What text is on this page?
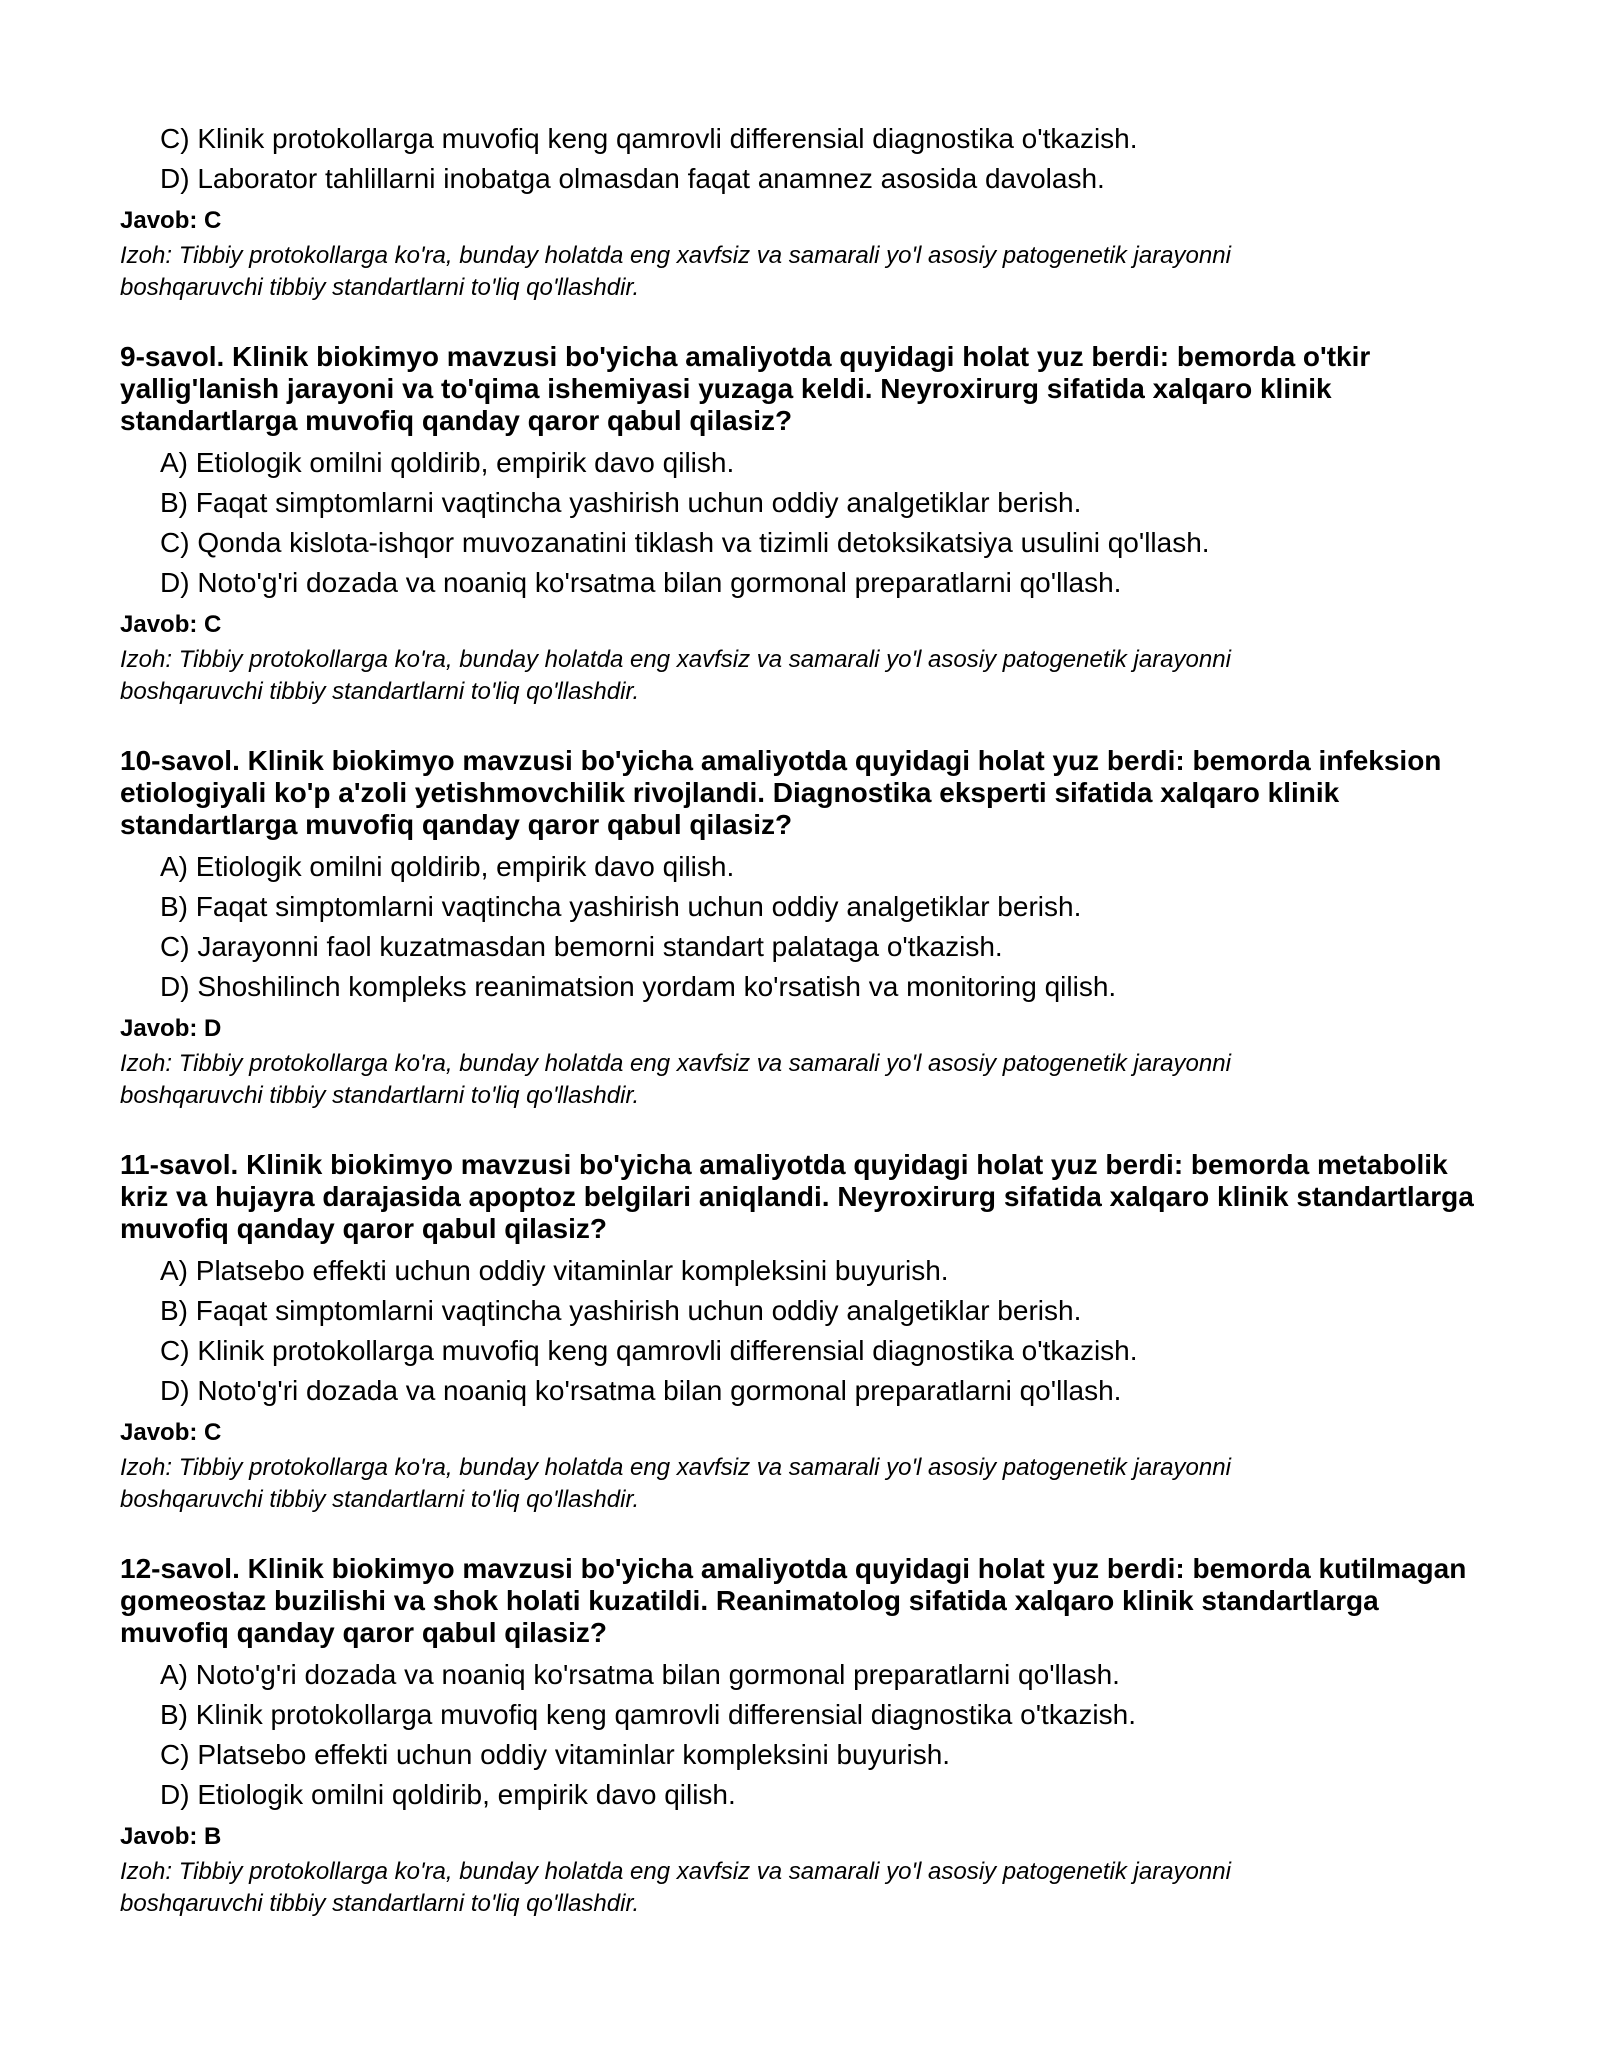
C) Klinik protokollarga muvofiq keng qamrovli differensial diagnostika o'tkazish.
D) Laborator tahlillarni inobatga olmasdan faqat anamnez asosida davolash.
Javob: C
Izoh: Tibbiy protokollarga ko'ra, bunday holatda eng xavfsiz va samarali yo'l asosiy patogenetik jarayonni boshqaruvchi tibbiy standartlarni to'liq qo'llashdir.
9-savol. Klinik biokimyo mavzusi bo'yicha amaliyotda quyidagi holat yuz berdi: bemorda o'tkir yallig'lanish jarayoni va to'qima ishemiyasi yuzaga keldi. Neyroxirurg sifatida xalqaro klinik standartlarga muvofiq qanday qaror qabul qilasiz?
A) Etiologik omilni qoldirib, empirik davo qilish.
B) Faqat simptomlarni vaqtincha yashirish uchun oddiy analgetiklar berish.
C) Qonda kislota-ishqor muvozanatini tiklash va tizimli detoksikatsiya usulini qo'llash.
D) Noto'g'ri dozada va noaniq ko'rsatma bilan gormonal preparatlarni qo'llash.
Javob: C
Izoh: Tibbiy protokollarga ko'ra, bunday holatda eng xavfsiz va samarali yo'l asosiy patogenetik jarayonni boshqaruvchi tibbiy standartlarni to'liq qo'llashdir.
10-savol. Klinik biokimyo mavzusi bo'yicha amaliyotda quyidagi holat yuz berdi: bemorda infeksion etiologiyali ko'p a'zoli yetishmovchilik rivojlandi. Diagnostika eksperti sifatida xalqaro klinik standartlarga muvofiq qanday qaror qabul qilasiz?
A) Etiologik omilni qoldirib, empirik davo qilish.
B) Faqat simptomlarni vaqtincha yashirish uchun oddiy analgetiklar berish.
C) Jarayonni faol kuzatmasdan bemorni standart palataga o'tkazish.
D) Shoshilinch kompleks reanimatsion yordam ko'rsatish va monitoring qilish.
Javob: D
Izoh: Tibbiy protokollarga ko'ra, bunday holatda eng xavfsiz va samarali yo'l asosiy patogenetik jarayonni boshqaruvchi tibbiy standartlarni to'liq qo'llashdir.
11-savol. Klinik biokimyo mavzusi bo'yicha amaliyotda quyidagi holat yuz berdi: bemorda metabolik kriz va hujayra darajasida apoptoz belgilari aniqlandi. Neyroxirurg sifatida xalqaro klinik standartlarga muvofiq qanday qaror qabul qilasiz?
A) Platsebo effekti uchun oddiy vitaminlar kompleksini buyurish.
B) Faqat simptomlarni vaqtincha yashirish uchun oddiy analgetiklar berish.
C) Klinik protokollarga muvofiq keng qamrovli differensial diagnostika o'tkazish.
D) Noto'g'ri dozada va noaniq ko'rsatma bilan gormonal preparatlarni qo'llash.
Javob: C
Izoh: Tibbiy protokollarga ko'ra, bunday holatda eng xavfsiz va samarali yo'l asosiy patogenetik jarayonni boshqaruvchi tibbiy standartlarni to'liq qo'llashdir.
12-savol. Klinik biokimyo mavzusi bo'yicha amaliyotda quyidagi holat yuz berdi: bemorda kutilmagan gomeostaz buzilishi va shok holati kuzatildi. Reanimatolog sifatida xalqaro klinik standartlarga muvofiq qanday qaror qabul qilasiz?
A) Noto'g'ri dozada va noaniq ko'rsatma bilan gormonal preparatlarni qo'llash.
B) Klinik protokollarga muvofiq keng qamrovli differensial diagnostika o'tkazish.
C) Platsebo effekti uchun oddiy vitaminlar kompleksini buyurish.
D) Etiologik omilni qoldirib, empirik davo qilish.
Javob: B
Izoh: Tibbiy protokollarga ko'ra, bunday holatda eng xavfsiz va samarali yo'l asosiy patogenetik jarayonni boshqaruvchi tibbiy standartlarni to'liq qo'llashdir.
